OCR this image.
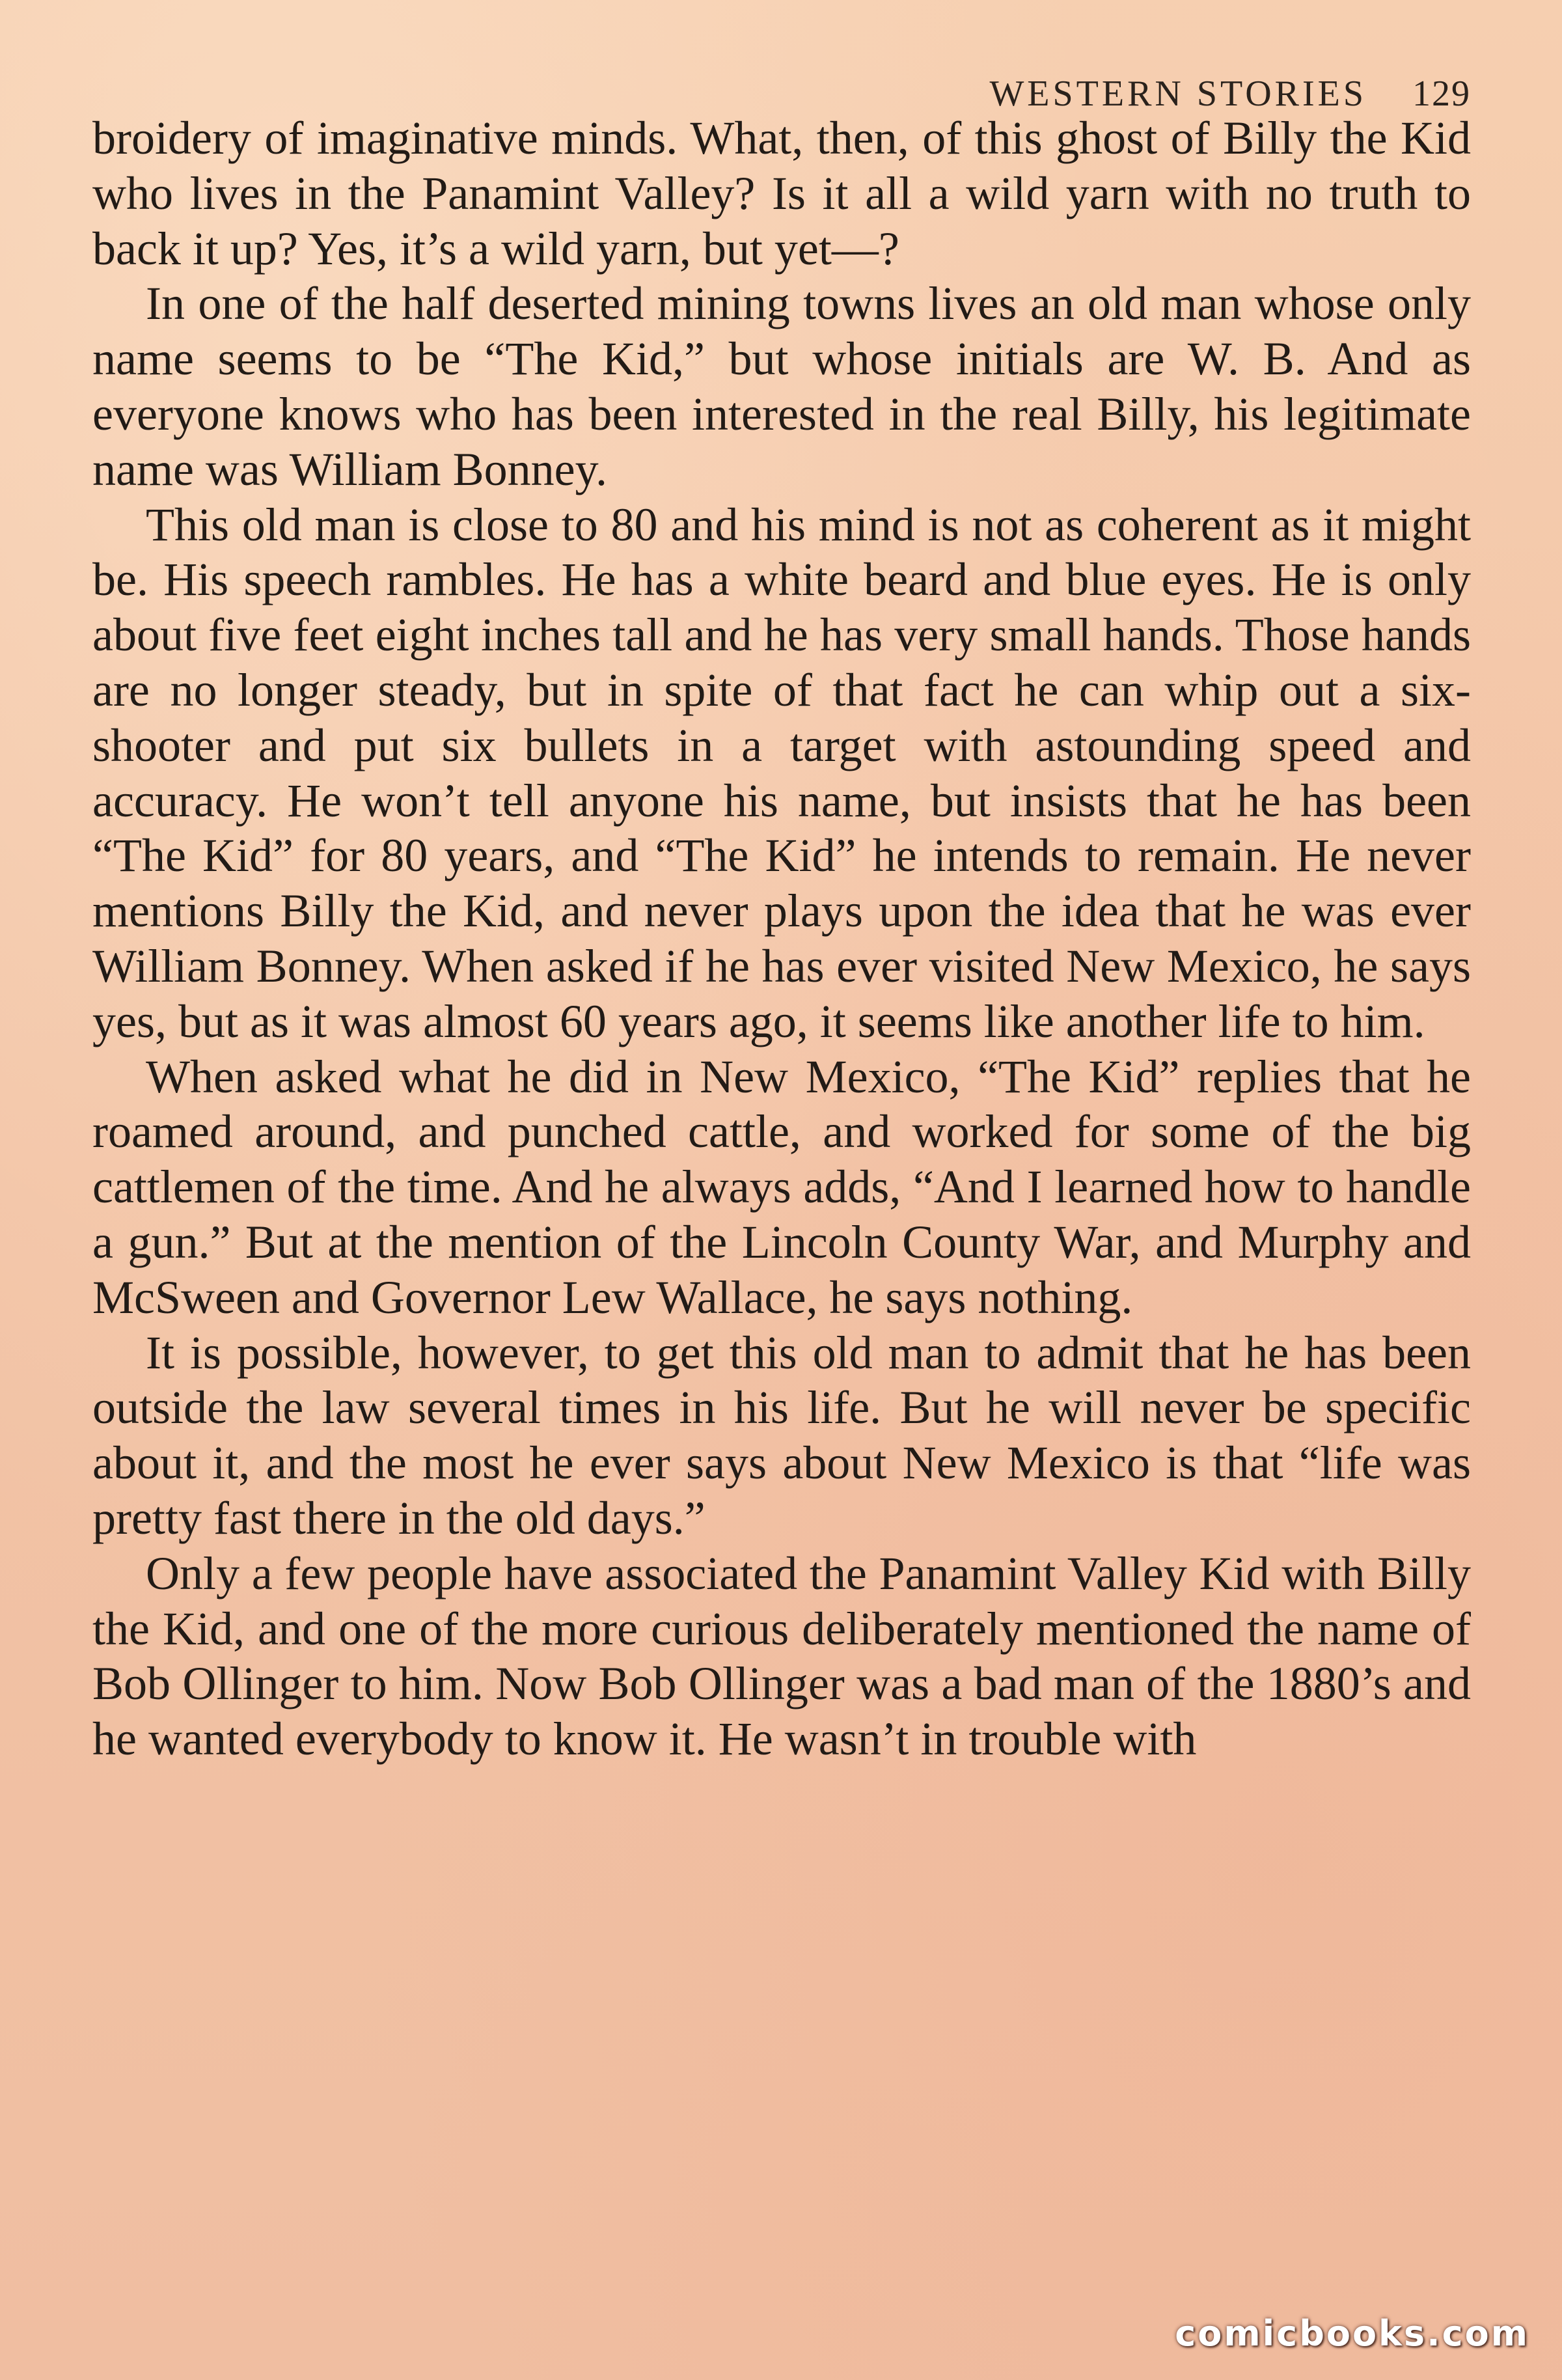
WESTERN STORIES 129

broidery of imaginative minds. What, then, of this ghost of Billy the Kid who lives in the Panamint Valley? Is it all a wild yarn with no truth to back it up? Yes, it’s a wild yarn, but yet—?

In one of the half deserted mining towns lives an old man whose only name seems to be “The Kid,” but whose initials are W. B. And as everyone knows who has been interested in the real Billy, his legitimate name was William Bonney.

This old man is close to 80 and his mind is not as coherent as it might be. His speech rambles. He has a white beard and blue eyes. He is only about five feet eight inches tall and he has very small hands. Those hands are no longer steady, but in spite of that fact he can whip out a six-shooter and put six bullets in a target with astounding speed and accuracy. He won’t tell anyone his name, but insists that he has been “The Kid” for 80 years, and “The Kid” he intends to remain. He never mentions Billy the Kid, and never plays upon the idea that he was ever William Bonney. When asked if he has ever visited New Mexico, he says yes, but as it was almost 60 years ago, it seems like another life to him.

When asked what he did in New Mexico, “The Kid” replies that he roamed around, and punched cattle, and worked for some of the big cattlemen of the time. And he always adds, “And I learned how to handle a gun.” But at the mention of the Lincoln County War, and Murphy and McSween and Governor Lew Wallace, he says nothing.

It is possible, however, to get this old man to admit that he has been outside the law several times in his life. But he will never be specific about it, and the most he ever says about New Mexico is that “life was pretty fast there in the old days.”

Only a few people have associated the Panamint Valley Kid with Billy the Kid, and one of the more curious deliberately mentioned the name of Bob Ollinger to him. Now Bob Ollinger was a bad man of the 1880’s and he wanted everybody to know it. He wasn’t in trouble with

comicbooks.com
